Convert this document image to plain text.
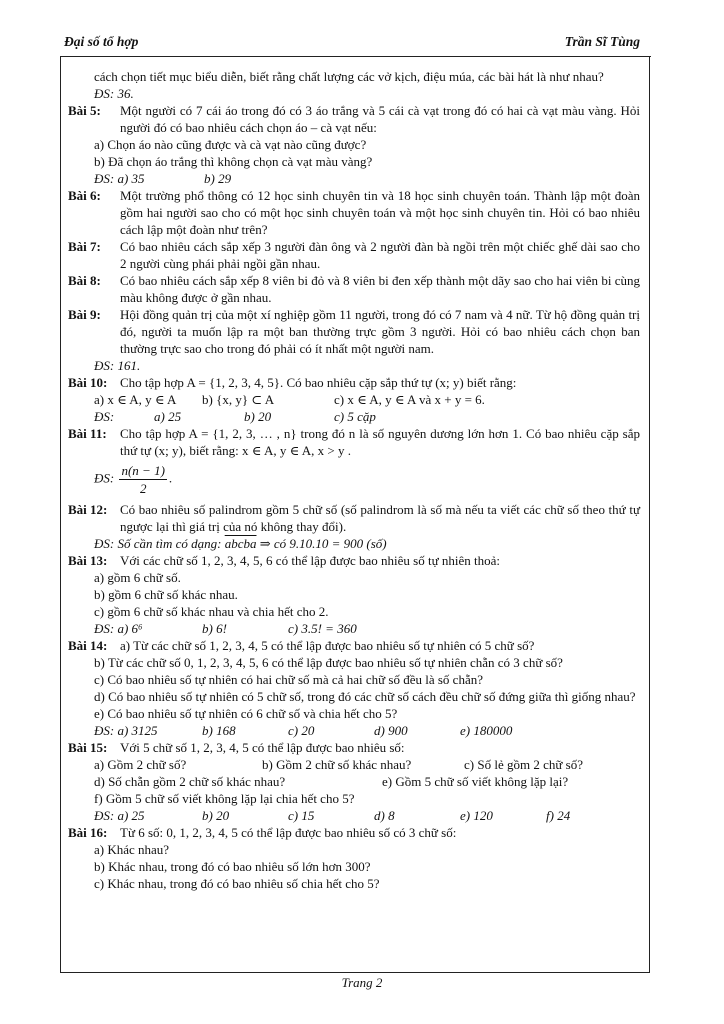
Đại số tổ hợp	Trần Sĩ Tùng

cách chọn tiết mục biểu diễn, biết rằng chất lượng các vở kịch, điệu múa, các bài hát là như nhau?

ĐS: 36.

Bài 5:	Một người có 7 cái áo trong đó có 3 áo trắng và 5 cái cà vạt trong đó có hai cà vạt màu vàng. Hỏi người đó có bao nhiêu cách chọn áo – cà vạt nếu:

a) Chọn áo nào cũng được và cà vạt nào cũng được?

b) Đã chọn áo trắng thì không chọn cà vạt màu vàng?

ĐS: a) 35	b) 29
Bài 6:	Một trường phổ thông có 12 học sinh chuyên tin và 18 học sinh chuyên toán. Thành lập một đoàn gồm hai người sao cho có một học sinh chuyên toán và một học sinh chuyên tin. Hỏi có bao nhiêu cách lập một đoàn như trên?

Bài 7:	Có bao nhiêu cách sắp xếp 3 người đàn ông và 2 người đàn bà ngồi trên một chiếc ghế dài sao cho 2 người cùng phái phải ngồi gần nhau.

Bài 8:	Có bao nhiêu cách sắp xếp 8 viên bi đỏ và 8 viên bi đen xếp thành một dãy sao cho hai viên bi cùng màu không được ở gần nhau.

Bài 9:	Hội đồng quản trị của một xí nghiệp gồm 11 người, trong đó có 7 nam và 4 nữ. Từ hộ đồng quản trị đó, người ta muốn lập ra một ban thường trực gồm 3 người. Hỏi có bao nhiêu cách chọn ban thường trực sao cho trong đó phải có ít nhất một người nam.

ĐS: 161.

Bài 10: Cho tập hợp A = {1, 2, 3, 4, 5}. Có bao nhiêu cặp sắp thứ tự (x; y) biết rằng:

a) x ∈ A, y ∈ A	b) {x, y} ⊂ A	c) x ∈ A, y ∈ A và x + y = 6.
ĐS:	a) 25	b) 20	c) 5 cặp
Bài 11:	Cho tập hợp A = {1, 2, 3, … , n} trong đó n là số nguyên dương lớn hơn 1. Có bao nhiêu cặp sắp thứ tự (x; y), biết rằng: x ∈ A, y ∈ A, x > y .

ĐS: $\frac{n(n - 1)}{2}$ .
Bài 12: Có bao nhiêu số palindrom gồm 5 chữ số (số palindrom là số mà nếu ta viết các chữ số theo thứ tự ngược lại thì giá trị của nó không thay đổi).

ĐS: Số cần tìm có dạng: abcba ⇒ có 9.10.10 = 900 (số)
Bài 13: Với các chữ số 1, 2, 3, 4, 5, 6 có thể lập được bao nhiêu số tự nhiên thoả:

a) gồm 6 chữ số.

b) gồm 6 chữ số khác nhau.

c) gồm 6 chữ số khác nhau và chia hết cho 2.

ĐS: a) 6⁶	b) 6!	c) 3.5! = 360
Bài 14: a) Từ các chữ số 1, 2, 3, 4, 5 có thể lập được bao nhiêu số tự nhiên có 5 chữ số?

b) Từ các chữ số 0, 1, 2, 3, 4, 5, 6 có thể lập được bao nhiêu số tự nhiên chẵn có 3 chữ số?

c) Có bao nhiêu số tự nhiên có hai chữ số mà cả hai chữ số đều là số chẵn?

d) Có bao nhiêu số tự nhiên có 5 chữ số, trong đó các chữ số cách đều chữ số đứng giữa thì giống nhau?

e) Có bao nhiêu số tự nhiên có 6 chữ số và chia hết cho 5?

ĐS: a) 3125	b) 168	c) 20	d) 900	e) 180000
Bài 15: Với 5 chữ số 1, 2, 3, 4, 5 có thể lập được bao nhiêu số:

a) Gồm 2 chữ số?	b) Gồm 2 chữ số khác nhau?	c) Số lẻ gồm 2 chữ số?
d) Số chẵn gồm 2 chữ số khác nhau?	e) Gồm 5 chữ số viết không lặp lại?
f) Gồm 5 chữ số viết không lặp lại chia hết cho 5?
ĐS: a) 25	b) 20	c) 15	d) 8	e) 120	f) 24
Bài 16: Từ 6 số: 0, 1, 2, 3, 4, 5 có thể lập được bao nhiêu số có 3 chữ số:

a) Khác nhau?

b) Khác nhau, trong đó có bao nhiêu số lớn hơn 300?

c) Khác nhau, trong đó có bao nhiêu số chia hết cho 5?

Trang 2
